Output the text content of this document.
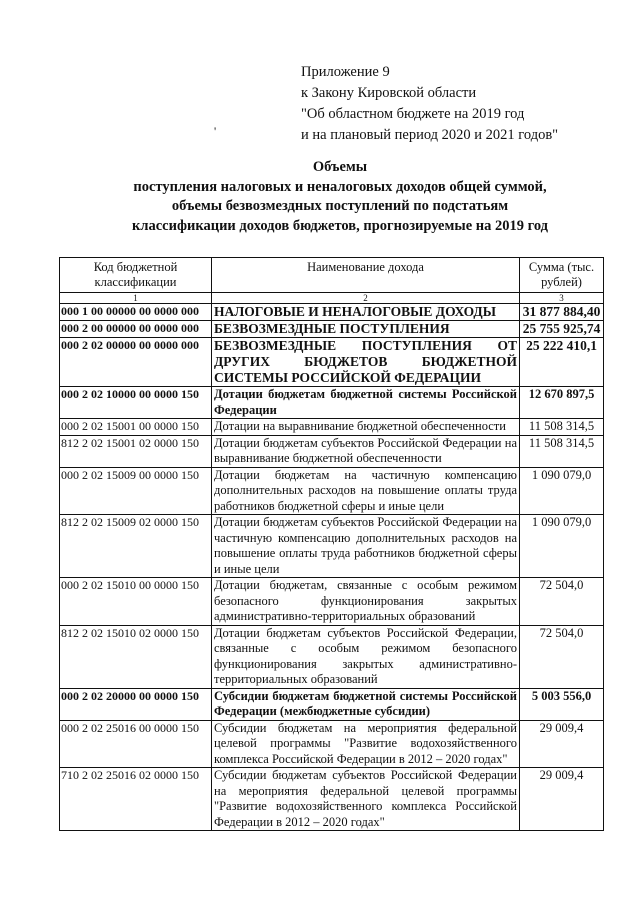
Приложение 9
к Закону Кировской области
"Об областном бюджете на 2019 год
и на плановый период 2020 и 2021 годов"
'
Объемы
поступления налоговых и неналоговых доходов общей суммой,
объемы безвозмездных поступлений по подстатьям
классификации доходов бюджетов, прогнозируемые на 2019 год
Код бюджетной классификации	Наименование дохода	Сумма (тыс. рублей)
1	2	3
000 1 00 00000 00 0000 000	НАЛОГОВЫЕ И НЕНАЛОГОВЫЕ ДОХОДЫ	31 877 884,40
000 2 00 00000 00 0000 000	БЕЗВОЗМЕЗДНЫЕ ПОСТУПЛЕНИЯ	25 755 925,74
000 2 02 00000 00 0000 000	БЕЗВОЗМЕЗДНЫЕ ПОСТУПЛЕНИЯ ОТ ДРУГИХ БЮДЖЕТОВ БЮДЖЕТНОЙ СИСТЕМЫ РОССИЙСКОЙ ФЕДЕРАЦИИ	25 222 410,1
000 2 02 10000 00 0000 150	Дотации бюджетам бюджетной системы Российской Федерации	12 670 897,5
000 2 02 15001 00 0000 150	Дотации на выравнивание бюджетной обеспеченности	11 508 314,5
812 2 02 15001 02 0000 150	Дотации бюджетам субъектов Российской Федерации на выравнивание бюджетной обеспеченности	11 508 314,5
000 2 02 15009 00 0000 150	Дотации бюджетам на частичную компенсацию дополнительных расходов на повышение оплаты труда работников бюджетной сферы и иные цели	1 090 079,0
812 2 02 15009 02 0000 150	Дотации бюджетам субъектов Российской Федерации на частичную компенсацию дополнительных расходов на повышение оплаты труда работников бюджетной сферы и иные цели	1 090 079,0
000 2 02 15010 00 0000 150	Дотации бюджетам, связанные с особым режимом безопасного функционирования закрытых административно-территориальных образований	72 504,0
812 2 02 15010 02 0000 150	Дотации бюджетам субъектов Российской Федерации, связанные с особым режимом безопасного функционирования закрытых административно-территориальных образований	72 504,0
000 2 02 20000 00 0000 150	Субсидии бюджетам бюджетной системы Российской Федерации (межбюджетные субсидии)	5 003 556,0
000 2 02 25016 00 0000 150	Субсидии бюджетам на мероприятия федеральной целевой программы "Развитие водохозяйственного комплекса Российской Федерации в 2012 – 2020 годах"	29 009,4
710 2 02 25016 02 0000 150	Субсидии бюджетам субъектов Российской Федерации на мероприятия федеральной целевой программы "Развитие водохозяйственного комплекса Российской Федерации в 2012 – 2020 годах"	29 009,4
